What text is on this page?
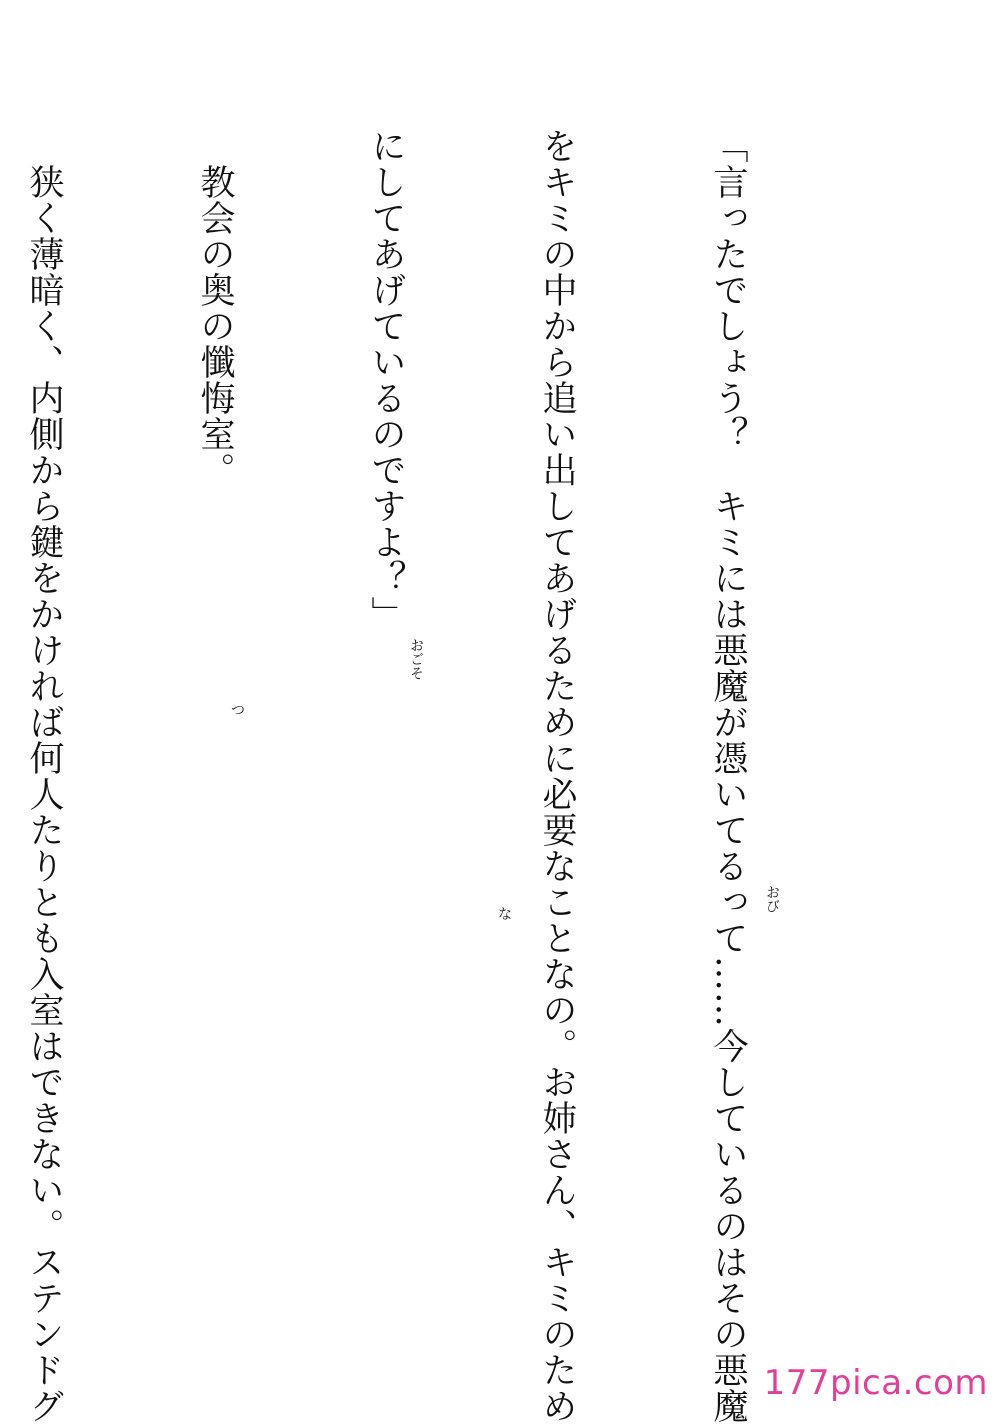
「言ったでしょう？　キミには悪魔が憑いてるって……今しているのはその悪魔

をキミの中から追い出してあげるために必要なことなの。お姉さん、キミのため

にしてあげているのですよ？」

　教会の奥の懺悔室。

　狭く薄暗く、内側から鍵をかければ何人たりとも入室はできない。ステンドグ

	つ
おごそ
な
おび
177pica.com
